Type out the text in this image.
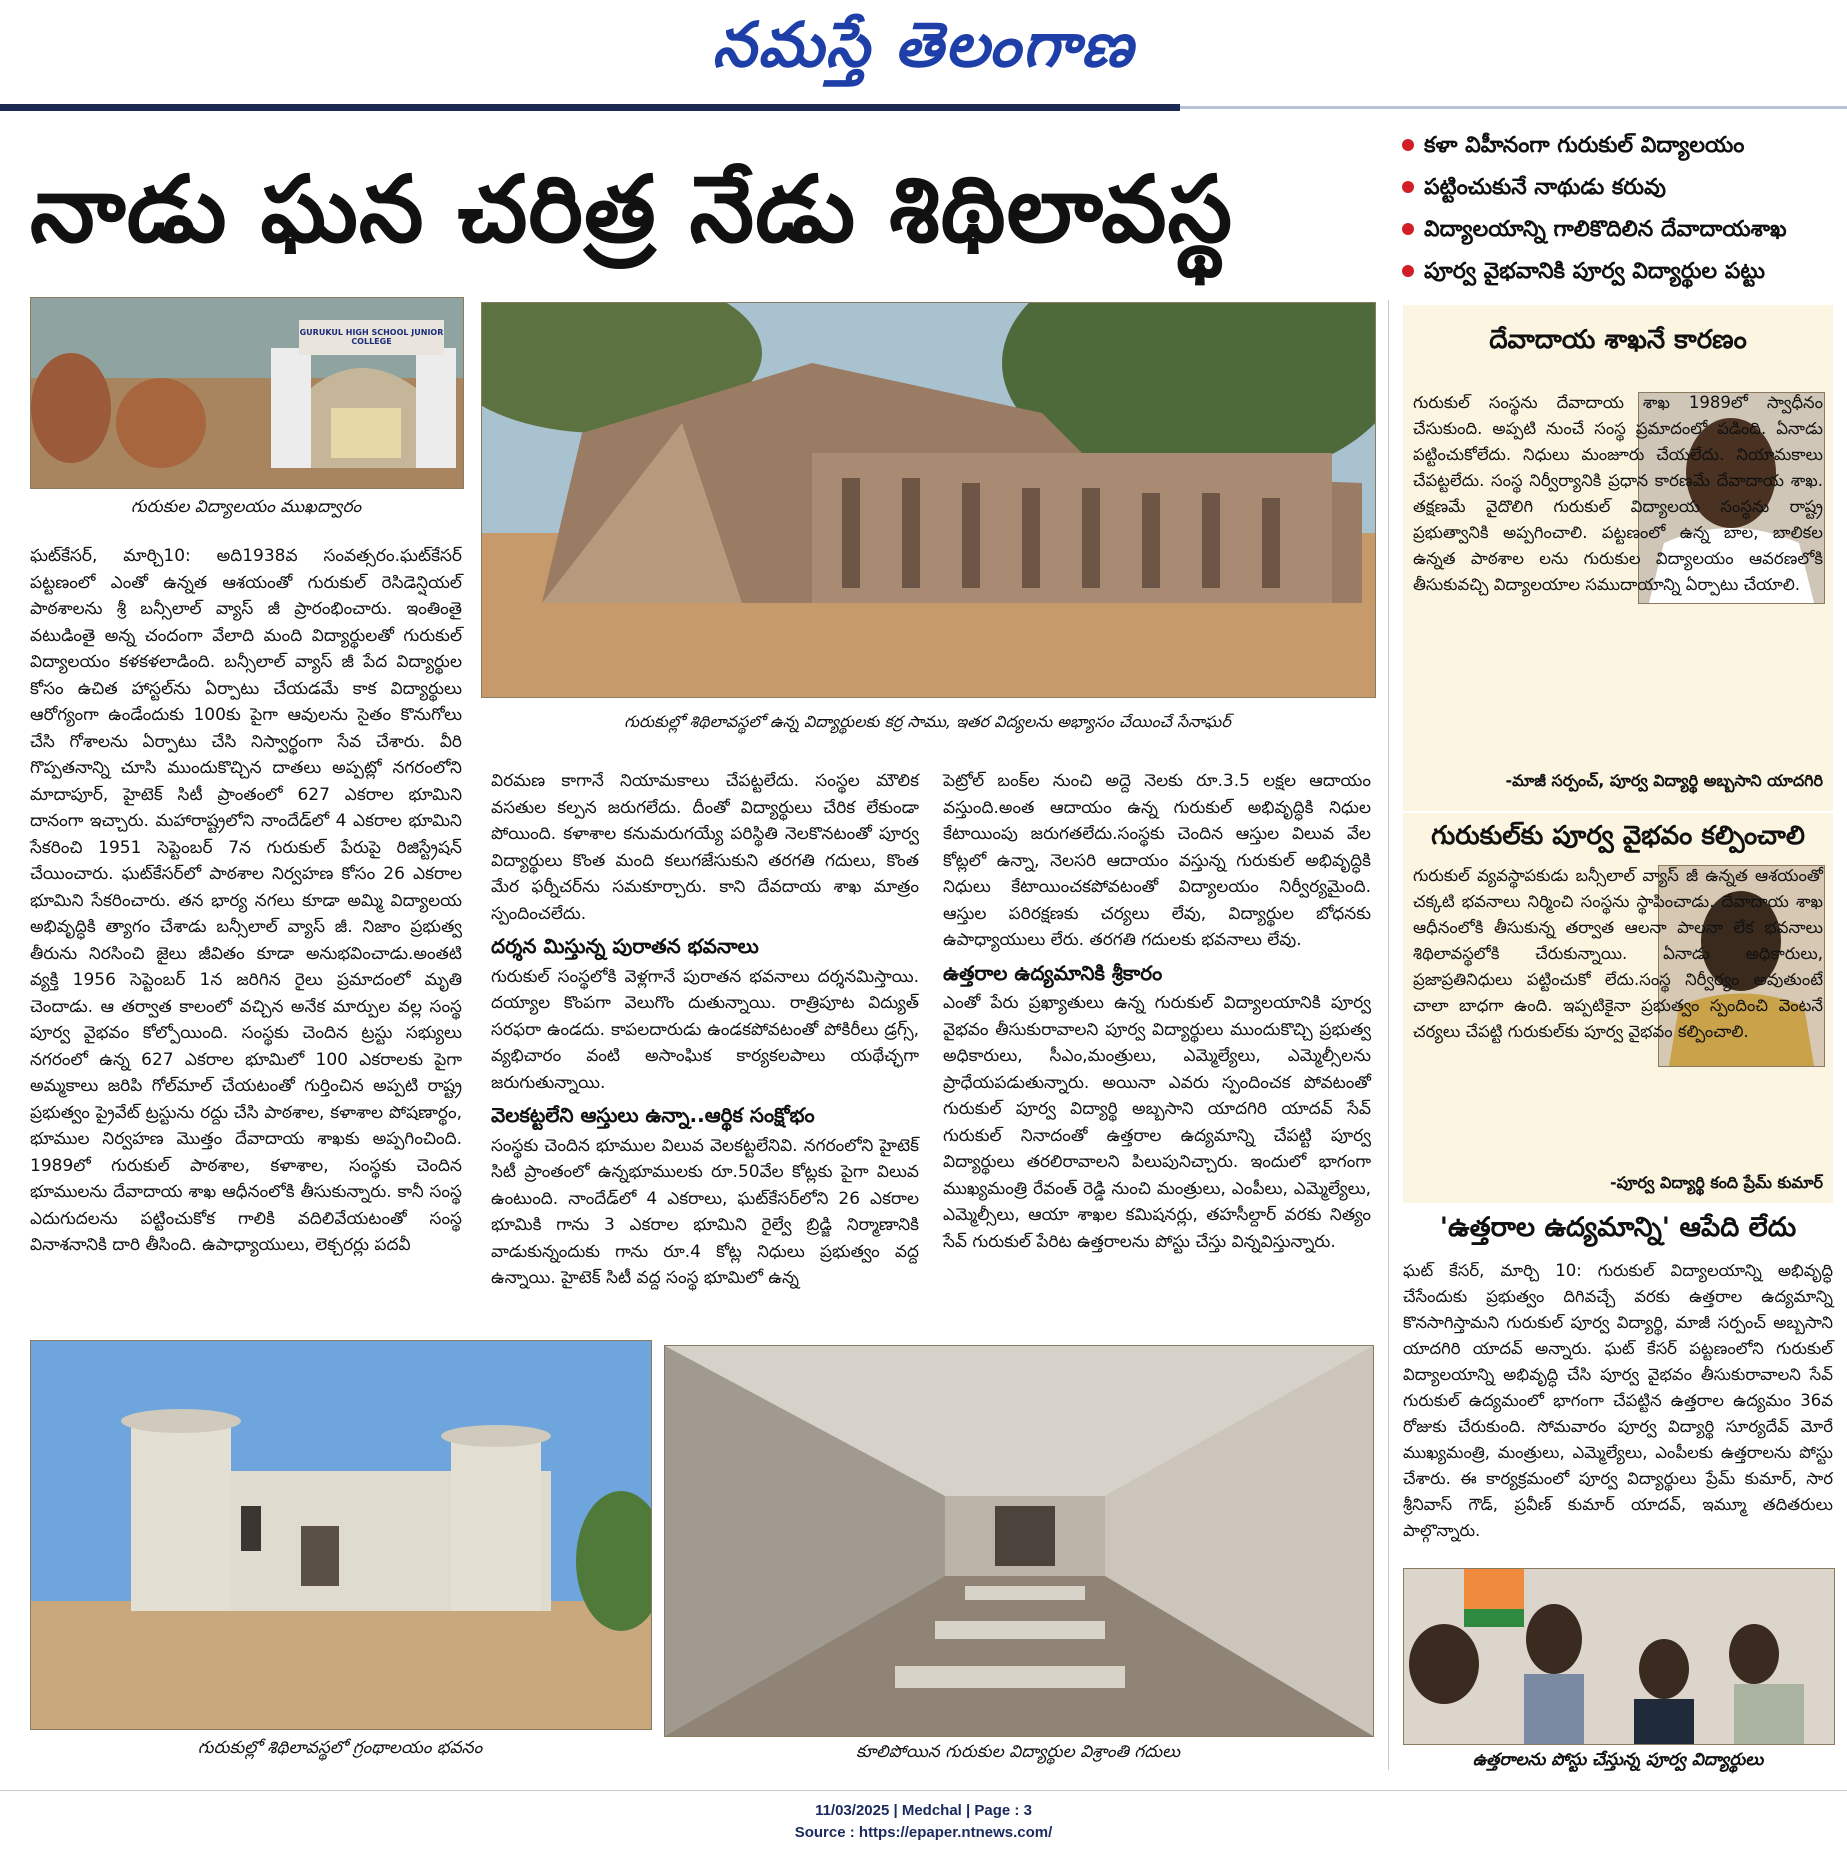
నమస్తే తెలంగాణ
నాడు ఘన చరిత్ర నేడు శిథిలావస్థ
కళా విహీనంగా గురుకుల్ విద్యాలయం
పట్టించుకునే నాథుడు కరువు
విద్యాలయాన్ని గాలికొదిలిన దేవాదాయశాఖ
పూర్వ వైభవానికి పూర్వ విద్యార్థుల పట్టు
GURUKUL HIGH SCHOOL JUNIOR COLLEGE
గురుకుల విద్యాలయం ముఖద్వారం
గురుకుల్లో శిథిలావస్థలో ఉన్న విద్యార్థులకు కర్ర సాము, ఇతర విద్యలను అభ్యాసం చేయించే సేనాఘర్

ఘట్‌కేసర్, మార్చి10: అది1938వ సంవత్సరం.ఘట్‌కేసర్ పట్టణంలో ఎంతో ఉన్నత ఆశయంతో గురుకుల్ రెసిడెన్షియల్ పాఠశాలను శ్రీ బన్సీలాల్ వ్యాస్ జీ ప్రారంభించారు. ఇంతింతై వటుడింతై అన్న చందంగా వేలాది మంది విద్యార్థులతో గురుకుల్ విద్యాలయం కళకళలాడింది. బన్సీలాల్ వ్యాస్ జీ పేద విద్యార్థుల కోసం ఉచిత హాస్టల్‌ను ఏర్పాటు చేయడమే కాక విద్యార్థులు ఆరోగ్యంగా ఉండేందుకు 100కు పైగా ఆవులను సైతం కొనుగోలు చేసి గోశాలను ఏర్పాటు చేసి నిస్వార్థంగా సేవ చేశారు. వీరి గొప్పతనాన్ని చూసి ముందుకొచ్చిన దాతలు అప్పట్లో నగరంలోని మాదాపూర్, హైటెక్ సిటీ ప్రాంతంలో 627 ఎకరాల భూమిని దానంగా ఇచ్చారు. మహారాష్ట్రలోని నాందేడ్‌లో 4 ఎకరాల భూమిని సేకరించి 1951 సెప్టెంబర్ 7న గురుకుల్ పేరుపై రిజిస్ట్రేషన్ చేయించారు. ఘట్‌కేసర్‌లో పాఠశాల నిర్వహణ కోసం 26 ఎకరాల భూమిని సేకరించారు. తన భార్య నగలు కూడా అమ్మి విద్యాలయ అభివృద్ధికి త్యాగం చేశాడు బన్సీలాల్ వ్యాస్ జీ. నిజాం ప్రభుత్వ తీరును నిరసించి జైలు జీవితం కూడా అనుభవించాడు.అంతటి వ్యక్తి 1956 సెప్టెంబర్ 1న జరిగిన రైలు ప్రమాదంలో మృతి చెందాడు. ఆ తర్వాత కాలంలో వచ్చిన అనేక మార్పుల వల్ల సంస్థ పూర్వ వైభవం కోల్పోయింది. సంస్థకు చెందిన ట్రస్టు సభ్యులు నగరంలో ఉన్న 627 ఎకరాల భూమిలో 100 ఎకరాలకు పైగా అమ్మకాలు జరిపి గోల్‌మాల్ చేయటంతో గుర్తించిన అప్పటి రాష్ట్ర ప్రభుత్వం ప్రైవేట్ ట్రస్టును రద్దు చేసి పాఠశాల, కళాశాల పోషణార్థం, భూముల నిర్వహణ మొత్తం దేవాదాయ శాఖకు అప్పగించింది. 1989లో గురుకుల్ పాఠశాల, కళాశాల, సంస్థకు చెందిన భూములను దేవాదాయ శాఖ ఆధీనంలోకి తీసుకున్నారు. కానీ సంస్థ ఎదుగుదలను పట్టించుకోక గాలికి వదిలివేయటంతో సంస్థ వినాశనానికి దారి తీసింది. ఉపాధ్యాయులు, లెక్చరర్లు పదవీ

విరమణ కాగానే నియామకాలు చేపట్టలేదు. సంస్థల మౌలిక వసతుల కల్పన జరుగలేదు. దీంతో విద్యార్థులు చేరిక లేకుండా పోయింది. కళాశాల కనుమరుగయ్యే పరిస్థితి నెలకొనటంతో పూర్వ విద్యార్థులు కొంత మంది కలుగజేసుకుని తరగతి గదులు, కొంత మేర ఫర్నీచర్‌ను సమకూర్చారు. కాని దేవదాయ శాఖ మాత్రం స్పందించలేదు.

దర్శన మిస్తున్న పురాతన భవనాలు

గురుకుల్ సంస్థలోకి వెళ్లగానే పురాతన భవనాలు దర్శనమిస్తాయి. దయ్యాల కొంపగా వెలుగొం దుతున్నాయి. రాత్రిపూట విద్యుత్ సరఫరా ఉండదు. కాపలదారుడు ఉండకపోవటంతో పోకిరీలు డ్రగ్స్, వ్యభిచారం వంటి అసాంఘిక కార్యకలపాలు యథేచ్ఛగా జరుగుతున్నాయి.

వెలకట్టలేని ఆస్తులు ఉన్నా..ఆర్థిక సంక్షోభం

సంస్థకు చెందిన భూముల విలువ వెలకట్టలేనివి. నగరంలోని హైటెక్ సిటీ ప్రాంతంలో ఉన్నభూములకు రూ.50వేల కోట్లకు పైగా విలువ ఉంటుంది. నాందేడ్‌లో 4 ఎకరాలు, ఘట్‌కేసర్‌లోని 26 ఎకరాల భూమికి గాను 3 ఎకరాల భూమిని రైల్వే బ్రిడ్జి నిర్మాణానికి వాడుకున్నందుకు గాను రూ.4 కోట్ల నిధులు ప్రభుత్వం వద్ద ఉన్నాయి. హైటెక్ సిటీ వద్ద సంస్థ భూమిలో ఉన్న

పెట్రోల్ బంక్‌ల నుంచి అద్దె నెలకు రూ.3.5 లక్షల ఆదాయం వస్తుంది.అంత ఆదాయం ఉన్న గురుకుల్ అభివృద్ధికి నిధుల కేటాయింపు జరుగతలేదు.సంస్థకు చెందిన ఆస్తుల విలువ వేల కోట్లలో ఉన్నా, నెలసరి ఆదాయం వస్తున్న గురుకుల్ అభివృద్ధికి నిధులు కేటాయించకపోవటంతో విద్యాలయం నిర్వీర్యమైంది. ఆస్తుల పరిరక్షణకు చర్యలు లేవు, విద్యార్థుల బోధనకు ఉపాధ్యాయులు లేరు. తరగతి గదులకు భవనాలు లేవు.

ఉత్తరాల ఉద్యమానికి శ్రీకారం

ఎంతో పేరు ప్రఖ్యాతులు ఉన్న గురుకుల్ విద్యాలయానికి పూర్వ వైభవం తీసుకురావాలని పూర్వ విద్యార్థులు ముందుకొచ్చి ప్రభుత్వ అధికారులు, సీఎం,మంత్రులు, ఎమ్మెల్యేలు, ఎమ్మెల్సీలను ప్రాధేయపడుతున్నారు. అయినా ఎవరు స్పందించక పోవటంతో గురుకుల్ పూర్వ విద్యార్థి అబ్బసాని యాదగిరి యాదవ్ సేవ్ గురుకుల్ నినాదంతో ఉత్తరాల ఉద్యమాన్ని చేపట్టి పూర్వ విద్యార్థులు తరలిరావాలని పిలుపునిచ్చారు. ఇందులో భాగంగా ముఖ్యమంత్రి రేవంత్ రెడ్డి నుంచి మంత్రులు, ఎంపీలు, ఎమ్మెల్యేలు, ఎమ్మెల్సీలు, ఆయా శాఖల కమిషనర్లు, తహసీల్దార్ వరకు నిత్యం సేవ్ గురుకుల్ పేరిట ఉత్తరాలను పోస్టు చేస్తు విన్నవిస్తున్నారు.

దేవాదాయ శాఖనే కారణం
గురుకుల్ సంస్థను దేవాదాయ శాఖ 1989లో స్వాధీనం చేసుకుంది. అప్పటి నుంచే సంస్థ ప్రమాదంలో పడింది. ఏనాడు పట్టించుకోలేదు. నిధులు మంజూరు చేయలేదు. నియామకాలు చేపట్టలేదు. సంస్థ నిర్వీర్యానికి ప్రధాన కారణమే దేవాదాయ శాఖ. తక్షణమే వైదొలిగి గురుకుల్ విద్యాలయ సంస్థను రాష్ట్ర ప్రభుత్వానికి అప్పగించాలి. పట్టణంలో ఉన్న బాల, బాలికల ఉన్నత పాఠశాల లను గురుకుల విద్యాలయం ఆవరణలోకి తీసుకువచ్చి విద్యాలయాల సముదాయాన్ని ఏర్పాటు చేయాలి.
-మాజీ సర్పంచ్, పూర్వ విద్యార్థి అబ్బసాని యాదగిరి
గురుకుల్‌కు పూర్వ వైభవం కల్పించాలి
గురుకుల్ వ్యవస్థాపకుడు బన్సీలాల్ వ్యాస్ జీ ఉన్నత ఆశయంతో చక్కటి భవనాలు నిర్మించి సంస్థను స్థాపించాడు. దేవాదాయ శాఖ ఆధీనంలోకి తీసుకున్న తర్వాత ఆలనా పాలనా లేక భవనాలు శిథిలావస్థలోకి చేరుకున్నాయి. ఏనాడు అధికారులు, ప్రజాప్రతినిధులు పట్టించుకో లేదు.సంస్థ నిర్వీర్యం అవుతుంటే చాలా బాధగా ఉంది. ఇప్పటికైనా ప్రభుత్వం స్పందించి వెంటనే చర్యలు చేపట్టి గురుకుల్‌కు పూర్వ వైభవం కల్పించాలి.
-పూర్వ విద్యార్థి కంది ప్రేమ్ కుమార్
'ఉత్తరాల ఉద్యమాన్ని' ఆపేది లేదు
ఘట్ కేసర్, మార్చి 10: గురుకుల్ విద్యాలయాన్ని అభివృద్ధి చేసేందుకు ప్రభుత్వం దిగివచ్చే వరకు ఉత్తరాల ఉద్యమాన్ని కొనసాగిస్తామని గురుకుల్ పూర్వ విద్యార్థి, మాజీ సర్పంచ్ అబ్బసాని యాదగిరి యాదవ్ అన్నారు. ఘట్ కేసర్ పట్టణంలోని గురుకుల్ విద్యాలయాన్ని అభివృద్ధి చేసి పూర్వ వైభవం తీసుకురావాలని సేవ్ గురుకుల్ ఉద్యమంలో భాగంగా చేపట్టిన ఉత్తరాల ఉద్యమం 36వ రోజుకు చేరుకుంది. సోమవారం పూర్వ విద్యార్థి సూర్యదేవ్ మోరే ముఖ్యమంత్రి, మంత్రులు, ఎమ్మెల్యేలు, ఎంపీలకు ఉత్తరాలను పోస్టు చేశారు. ఈ కార్యక్రమంలో పూర్వ విద్యార్థులు ప్రేమ్ కుమార్, సార శ్రీనివాస్ గౌడ్, ప్రవీణ్ కుమార్ యాదవ్, ఇమ్మూ తదితరులు పాల్గొన్నారు.
ఉత్తరాలను పోస్టు చేస్తున్న పూర్వ విద్యార్థులు
గురుకుల్లో శిథిలావస్థలో గ్రంథాలయం భవనం	కూలిపోయిన గురుకుల విద్యార్థుల విశ్రాంతి గదులు
11/03/2025 | Medchal | Page : 3
Source : https://epaper.ntnews.com/
